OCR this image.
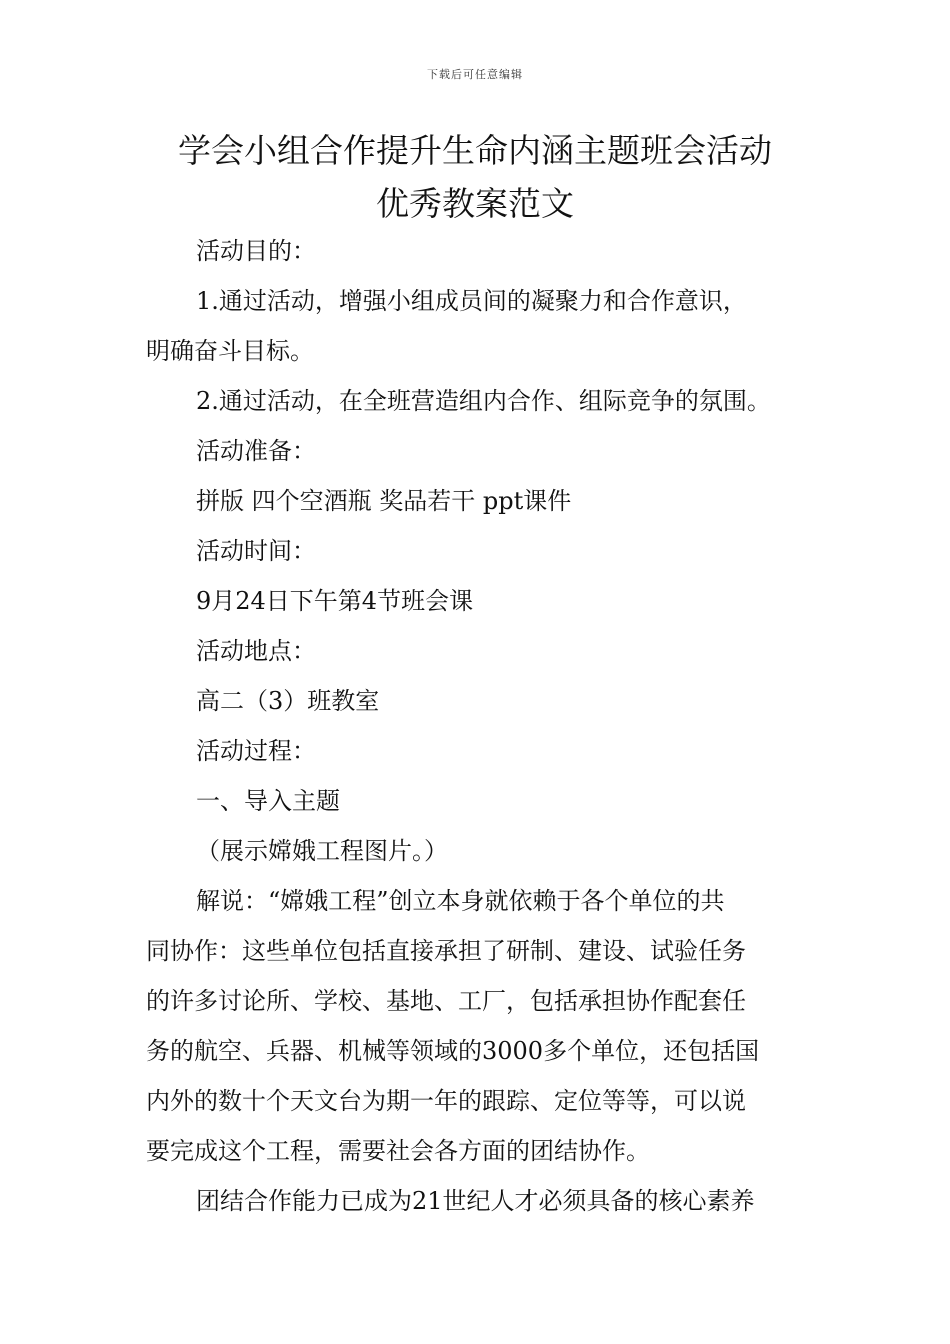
下载后可任意编辑
学会小组合作提升生命内涵主题班会活动
优秀教案范文
活动目的：
1.通过活动，增强小组成员间的凝聚力和合作意识，
明确奋斗目标。
2.通过活动，在全班营造组内合作、组际竞争的氛围。
活动准备：
拼版 四个空酒瓶 奖品若干 ppt课件
活动时间：
9月24日下午第4节班会课
活动地点：
高二（3）班教室
活动过程：
一、导入主题
（展示嫦娥工程图片。）
解说：“嫦娥工程”创立本身就依赖于各个单位的共
同协作：这些单位包括直接承担了研制、建设、试验任务
的许多讨论所、学校、基地、工厂，包括承担协作配套任
务的航空、兵器、机械等领域的3000多个单位，还包括国
内外的数十个天文台为期一年的跟踪、定位等等，可以说
要完成这个工程，需要社会各方面的团结协作。
团结合作能力已成为21世纪人才必须具备的核心素养
